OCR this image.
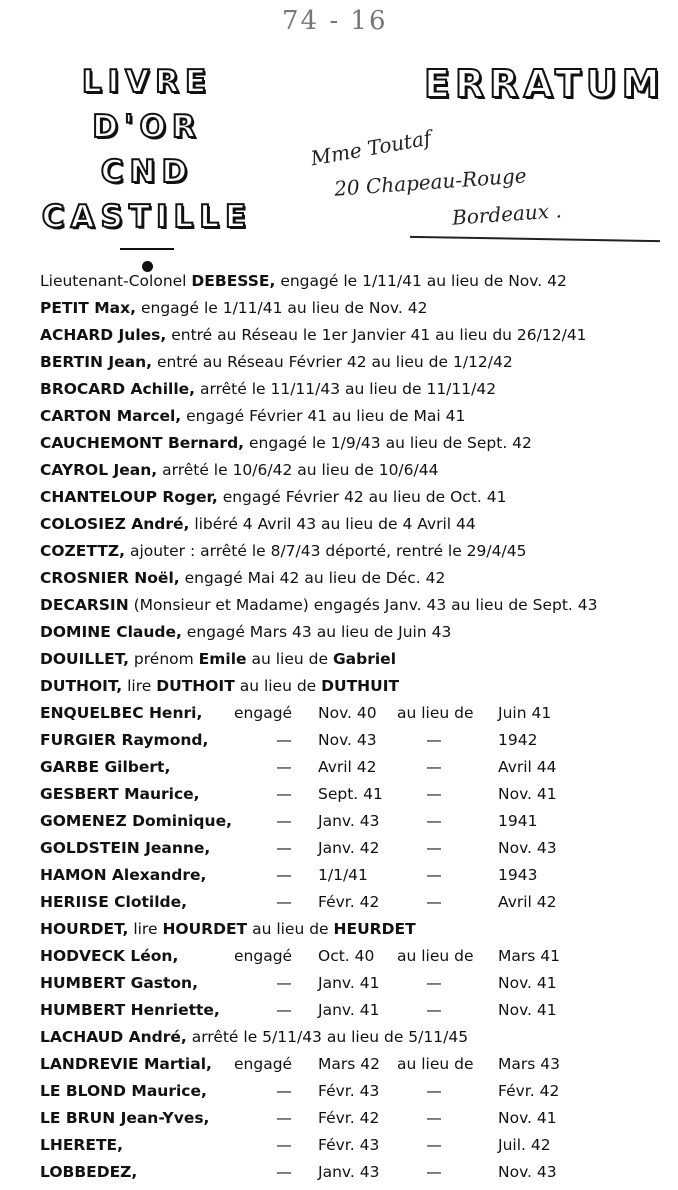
74 - 16
LIVRE D'OR
CND
CASTILLE
ERRATUM
Mme Toutaf
20 Chapeau-Rouge
Bordeaux .
Lieutenant-Colonel DEBESSE, engagé le 1/11/41 au lieu de Nov. 42
PETIT Max, engagé le 1/11/41 au lieu de Nov. 42
ACHARD Jules, entré au Réseau le 1er Janvier 41 au lieu du 26/12/41
BERTIN Jean, entré au Réseau Février 42 au lieu de 1/12/42
BROCARD Achille, arrêté le 11/11/43 au lieu de 11/11/42
CARTON Marcel, engagé Février 41 au lieu de Mai 41
CAUCHEMONT Bernard, engagé le 1/9/43 au lieu de Sept. 42
CAYROL Jean, arrêté le 10/6/42 au lieu de 10/6/44
CHANTELOUP Roger, engagé Février 42 au lieu de Oct. 41
COLOSIEZ André, libéré 4 Avril 43 au lieu de 4 Avril 44
COZETTZ, ajouter : arrêté le 8/7/43 déporté, rentré le 29/4/45
CROSNIER Noël, engagé Mai 42 au lieu de Déc. 42
DECARSIN (Monsieur et Madame) engagés Janv. 43 au lieu de Sept. 43
DOMINE Claude, engagé Mars 43 au lieu de Juin 43
DOUILLET, prénom Emile au lieu de Gabriel
DUTHOIT, lire DUTHOIT au lieu de DUTHUIT
ENQUELBEC Henri, engagé Nov. 40 au lieu de Juin 41
FURGIER Raymond,	—	Nov. 43	—	1942
GARBE Gilbert,	—	Avril 42	—	Avril 44
GESBERT Maurice,	—	Sept. 41	—	Nov. 41
GOMENEZ Dominique,	—	Janv. 43	—	1941
GOLDSTEIN Jeanne,	—	Janv. 42	—	Nov. 43
HAMON Alexandre,	—	1/1/41	—	1943
HERIISE Clotilde,	—	Févr. 42	—	Avril 42
HOURDET, lire HOURDET au lieu de HEURDET
HODVECK Léon,	engagé Oct. 40 au lieu de Mars 41
HUMBERT Gaston,	—	Janv. 41	—	Nov. 41
HUMBERT Henriette,	—	Janv. 41	—	Nov. 41
LACHAUD André, arrêté le 5/11/43 au lieu de 5/11/45
LANDREVIE Martial, engagé Mars 42 au lieu de Mars 43
LE BLOND Maurice,	—	Févr. 43	—	Févr. 42
LE BRUN Jean-Yves,	—	Févr. 42	—	Nov. 41
LHERETE,	—	Févr. 43	—	Juil. 42
LOBBEDEZ,	—	Janv. 43	—	Nov. 43
